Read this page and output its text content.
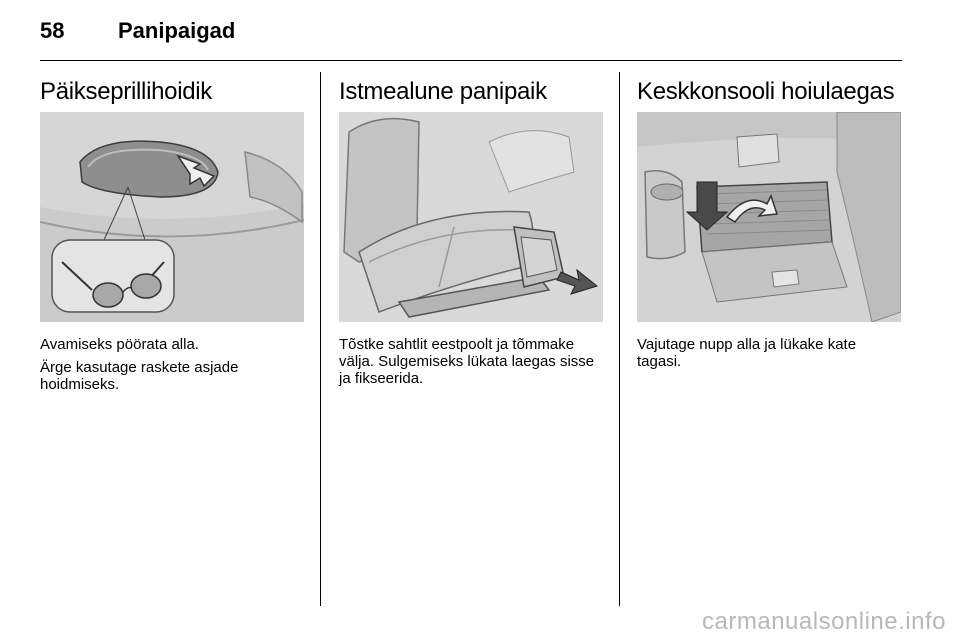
58 Panipaigad
Päikseprillihoidik

Avamiseks pöörata alla.

Ärge kasutage raskete asjade hoidmiseks.

Istmealune panipaik

Tõstke sahtlit eestpoolt ja tõmmake välja. Sulgemiseks lükata laegas sisse ja fikseerida.

Keskkonsooli hoiulaegas

Vajutage nupp alla ja lükake kate tagasi.

carmanualsonline.info
